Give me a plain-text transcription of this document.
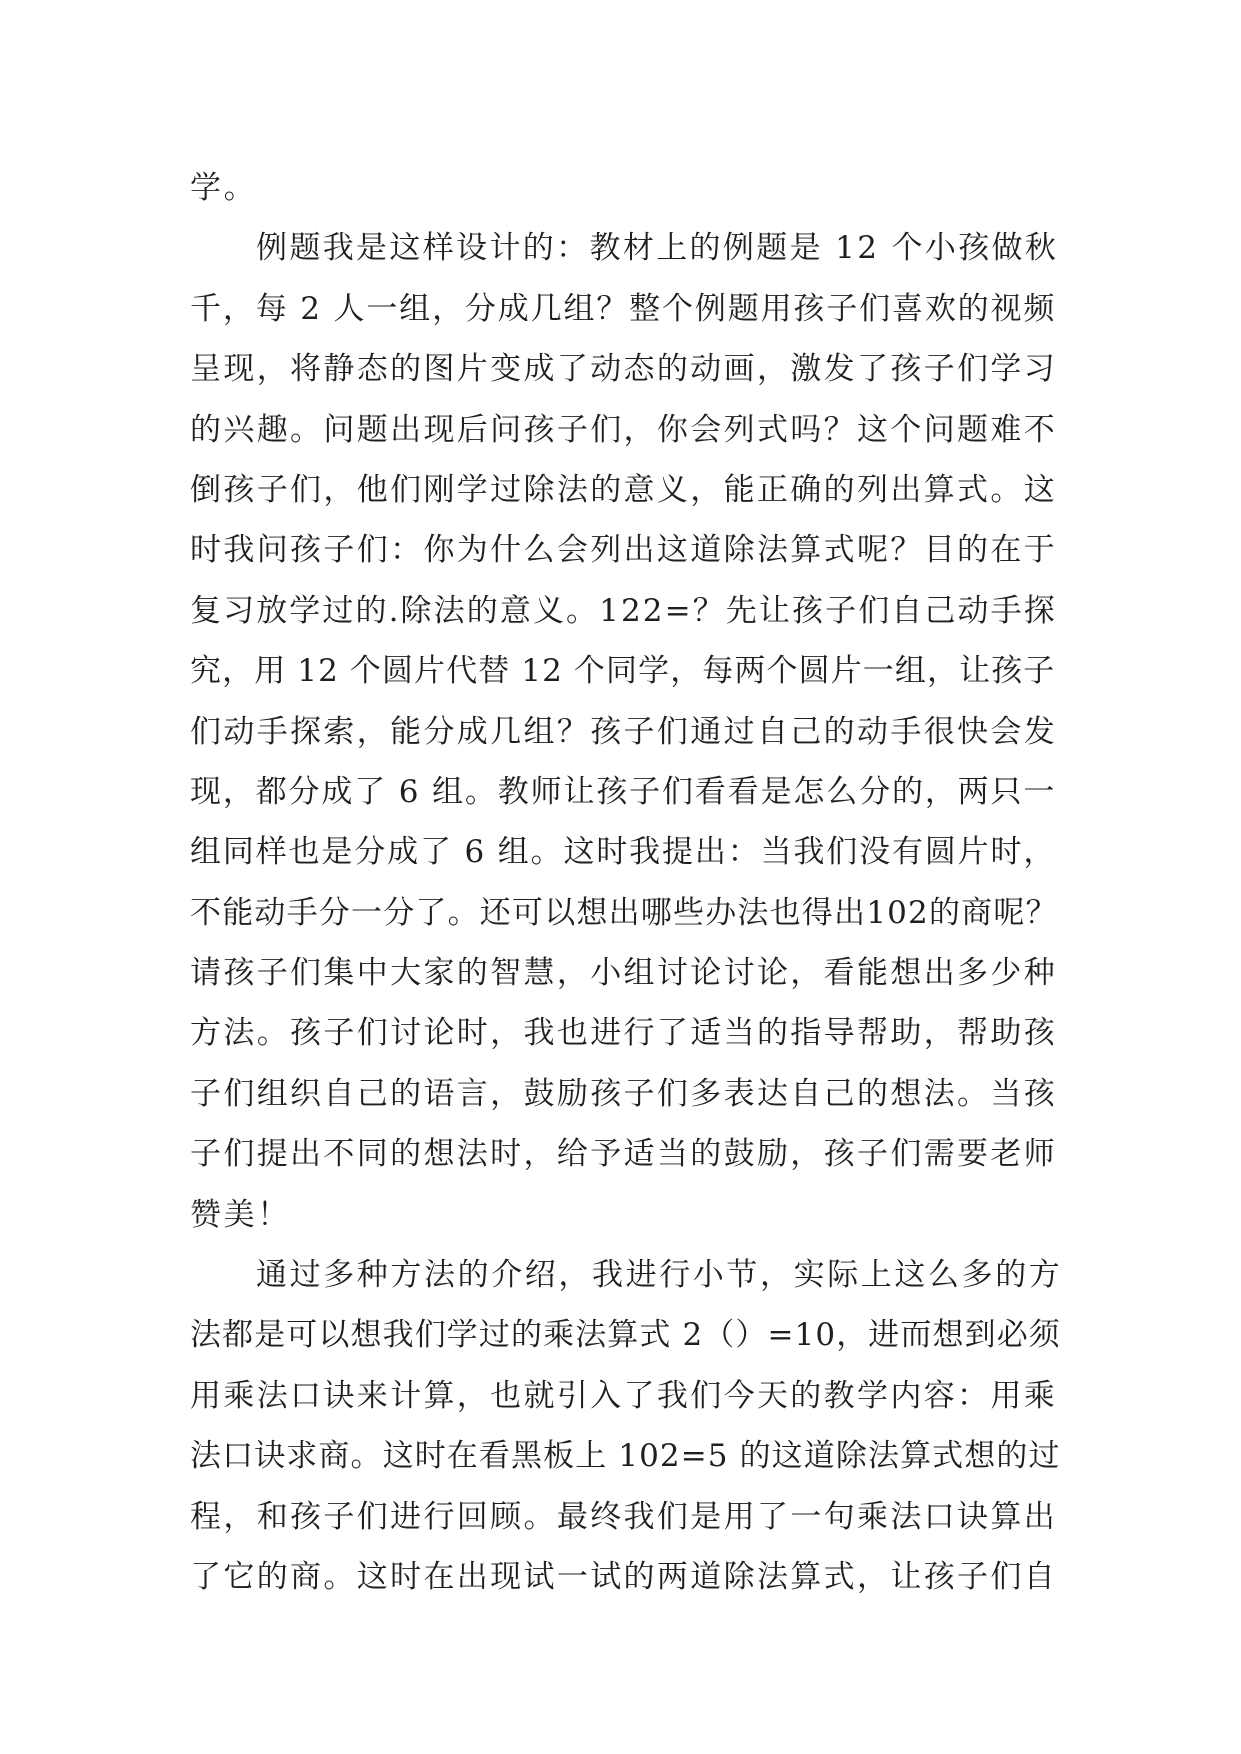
学。
例题我是这样设计的：教材上的例题是 12 个小孩做秋
千，每 2 人一组，分成几组？整个例题用孩子们喜欢的视频
呈现，将静态的图片变成了动态的动画，激发了孩子们学习
的兴趣。问题出现后问孩子们，你会列式吗？这个问题难不
倒孩子们，他们刚学过除法的意义，能正确的列出算式。这
时我问孩子们：你为什么会列出这道除法算式呢？目的在于
复习放学过的.除法的意义。122=？先让孩子们自己动手探
究，用 12 个圆片代替 12 个同学，每两个圆片一组，让孩子
们动手探索，能分成几组？孩子们通过自己的动手很快会发
现，都分成了 6 组。教师让孩子们看看是怎么分的，两只一
组同样也是分成了 6 组。这时我提出：当我们没有圆片时，
不能动手分一分了。还可以想出哪些办法也得出102的商呢？
请孩子们集中大家的智慧，小组讨论讨论，看能想出多少种
方法。孩子们讨论时，我也进行了适当的指导帮助，帮助孩
子们组织自己的语言，鼓励孩子们多表达自己的想法。当孩
子们提出不同的想法时，给予适当的鼓励，孩子们需要老师
赞美！
通过多种方法的介绍，我进行小节，实际上这么多的方
法都是可以想我们学过的乘法算式 2（）=10，进而想到必须
用乘法口诀来计算，也就引入了我们今天的教学内容：用乘
法口诀求商。这时在看黑板上 102=5 的这道除法算式想的过
程，和孩子们进行回顾。最终我们是用了一句乘法口诀算出
了它的商。这时在出现试一试的两道除法算式，让孩子们自
